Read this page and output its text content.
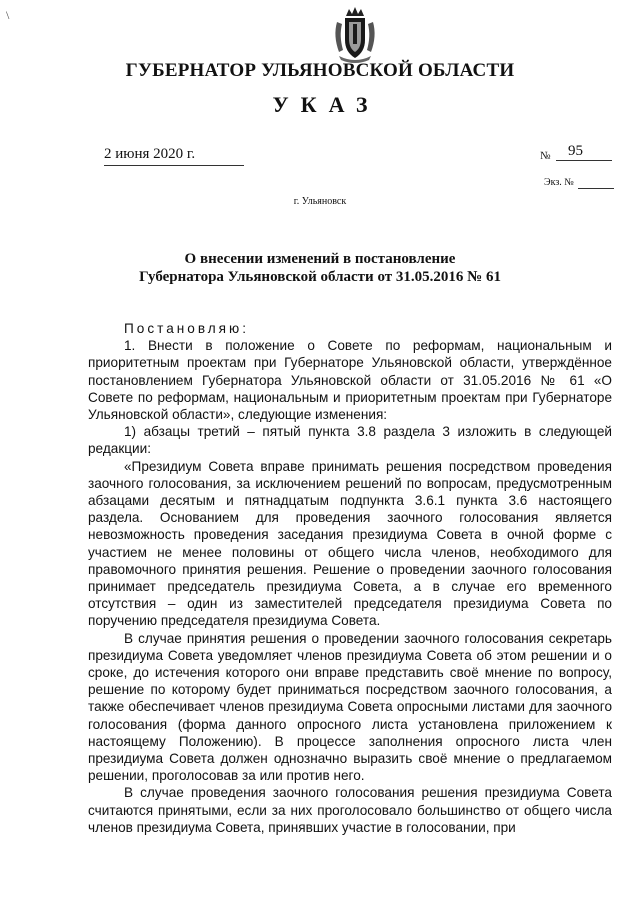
\
ГУБЕРНАТОР УЛЬЯНОВСКОЙ ОБЛАСТИ
УКАЗ
2 июня 2020 г.	№	95
Экз. №
г. Ульяновск
О внесении изменений в постановление
Губернатора Ульяновской области от 31.05.2016 № 61

Постановляю:

1. Внести в положение о Совете по реформам, национальным и приоритетным проектам при Губернаторе Ульяновской области, утверждённое постановлением Губернатора Ульяновской области от 31.05.2016 № 61 «О Совете по реформам, национальным и приоритетным проектам при Губернаторе Ульяновской области», следующие изменения:

1) абзацы третий – пятый пункта 3.8 раздела 3 изложить в следующей редакции:

«Президиум Совета вправе принимать решения посредством проведения заочного голосования, за исключением решений по вопросам, предусмотренным абзацами десятым и пятнадцатым подпункта 3.6.1 пункта 3.6 настоящего раздела. Основанием для проведения заочного голосования является невозможность проведения заседания президиума Совета в очной форме с участием не менее половины от общего числа членов, необходимого для правомочного принятия решения. Решение о проведении заочного голосования принимает председатель президиума Совета, а в случае его временного отсутствия – один из заместителей председателя президиума Совета по поручению председателя президиума Совета.

В случае принятия решения о проведении заочного голосования секретарь президиума Совета уведомляет членов президиума Совета об этом решении и о сроке, до истечения которого они вправе представить своё мнение по вопросу, решение по которому будет приниматься посредством заочного голосования, а также обеспечивает членов президиума Совета опросными листами для заочного голосования (форма данного опросного листа установлена приложением к настоящему Положению). В процессе заполнения опросного листа член президиума Совета должен однозначно выразить своё мнение о предлагаемом решении, проголосовав за или против него.

В случае проведения заочного голосования решения президиума Совета считаются принятыми, если за них проголосовало большинство от общего числа членов президиума Совета, принявших участие в голосовании, при
